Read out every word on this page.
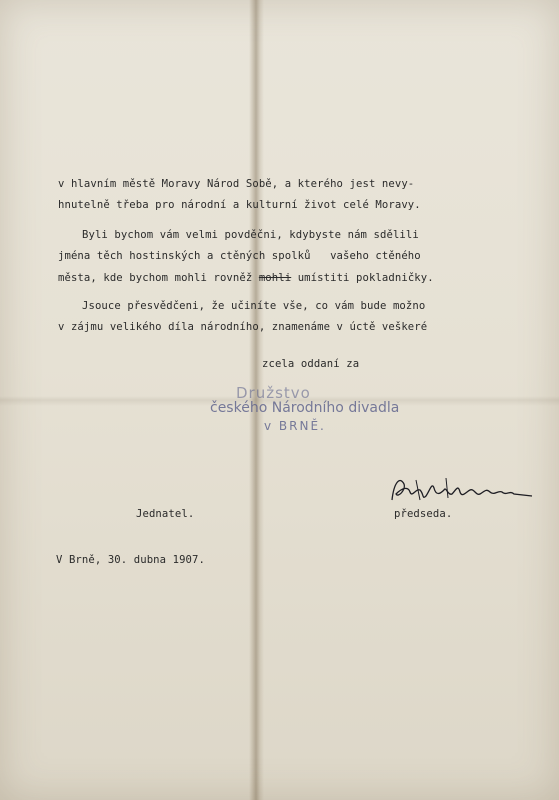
v hlavním městě Moravy Národ Sobě, a kterého jest nevy-
hnutelně třeba pro národní a kulturní život celé Moravy.
Byli bychom vám velmi povděčni, kdybyste nám sdělili
jména těch hostinských a ctěných spolků   vašeho ctěného
města, kde bychom mohli rovněž mohli umístiti pokladničky.
Jsouce přesvědčeni, že učiníte vše, co vám bude možno
v zájmu velikého díla národního, znamenáme v úctě veškeré
zcela oddaní za
Družstvo
českého Národního divadla
v BRNĚ.
Jednatel.	předseda.
V Brně, 30. dubna 1907.
